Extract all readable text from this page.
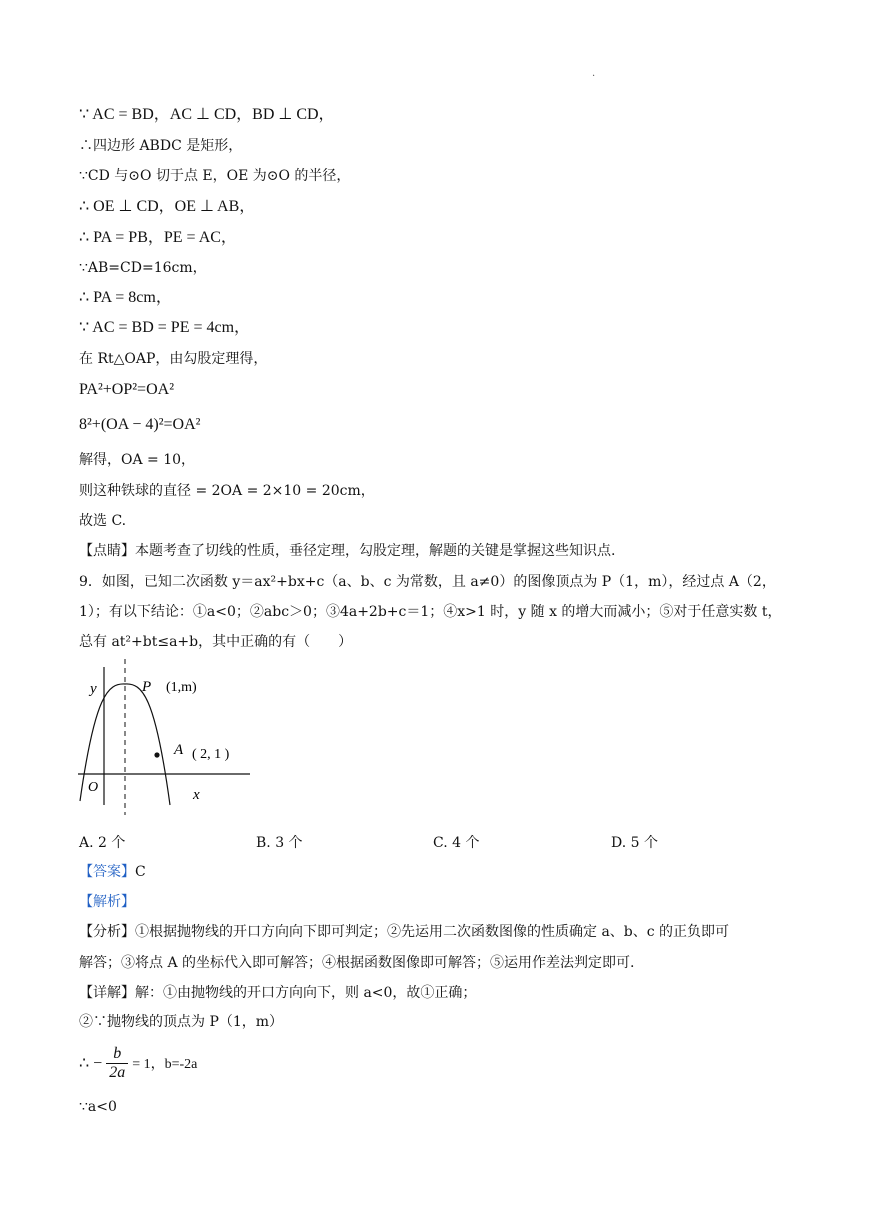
.
∵ AC = BD，AC ⊥ CD，BD ⊥ CD，
∴四边形 ABDC 是矩形，
∵CD 与⊙O 切于点 E，OE 为⊙O 的半径，
∴ OE ⊥ CD，OE ⊥ AB，
∴ PA = PB，PE = AC，
∵AB=CD=16cm，
∴ PA = 8cm，
∵ AC = BD = PE = 4cm，
在 Rt△OAP，由勾股定理得，
PA²+OP²=OA²
8²+(OA − 4)²=OA²
解得，OA = 10，
则这种铁球的直径 = 2OA = 2×10 = 20cm，
故选 C.
【点睛】本题考查了切线的性质，垂径定理，勾股定理，解题的关键是掌握这些知识点.
9．如图，已知二次函数 y＝ax²+bx+c（a、b、c 为常数，且 a≠0）的图像顶点为 P（1，m），经过点 A（2，
1）；有以下结论：①a<0；②abc＞0；③4a+2b+c＝1；④x>1 时，y 随 x 的增大而减小；⑤对于任意实数 t，
总有 at²+bt≤a+b，其中正确的有（　　）
y
x
O
P (1,m)
A ( 2, 1 )
A. 2 个	B. 3 个	C. 4 个	D. 5 个
【答案】C
【解析】
【分析】①根据抛物线的开口方向向下即可判定；②先运用二次函数图像的性质确定 a、b、c 的正负即可
解答；③将点 A 的坐标代入即可解答；④根据函数图像即可解答；⑤运用作差法判定即可.
【详解】解：①由抛物线的开口方向向下，则 a<0，故①正确；
②∵抛物线的顶点为 P（1，m）
∴ −
b
2a = 1，b=-2a
∵a<0
